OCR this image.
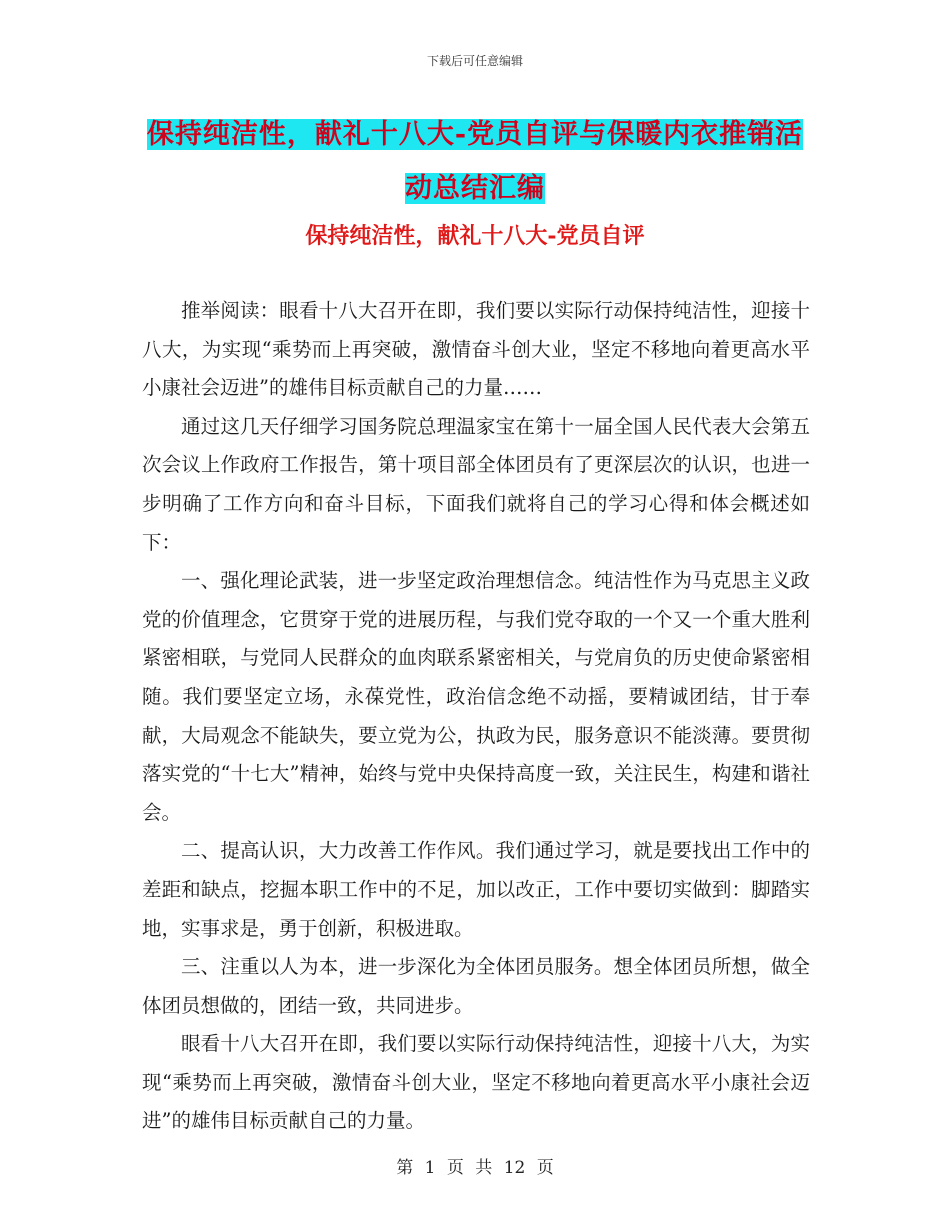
下载后可任意编辑
保持纯洁性，献礼十八大-党员自评与保暖内衣推销活
动总结汇编
保持纯洁性，献礼十八大-党员自评

推举阅读：眼看十八大召开在即，我们要以实际行动保持纯洁性，迎接十八大，为实现“乘势而上再突破，激情奋斗创大业，坚定不移地向着更高水平小康社会迈进”的雄伟目标贡献自己的力量……

通过这几天仔细学习国务院总理温家宝在第十一届全国人民代表大会第五次会议上作政府工作报告，第十项目部全体团员有了更深层次的认识，也进一步明确了工作方向和奋斗目标，下面我们就将自己的学习心得和体会概述如下：

一、强化理论武装，进一步坚定政治理想信念。纯洁性作为马克思主义政党的价值理念，它贯穿于党的进展历程，与我们党夺取的一个又一个重大胜利紧密相联，与党同人民群众的血肉联系紧密相关，与党肩负的历史使命紧密相随。我们要坚定立场，永葆党性，政治信念绝不动摇，要精诚团结，甘于奉献，大局观念不能缺失，要立党为公，执政为民，服务意识不能淡薄。要贯彻落实党的“十七大”精神，始终与党中央保持高度一致，关注民生，构建和谐社会。

二、提高认识，大力改善工作作风。我们通过学习，就是要找出工作中的差距和缺点，挖掘本职工作中的不足，加以改正，工作中要切实做到：脚踏实地，实事求是，勇于创新，积极进取。

三、注重以人为本，进一步深化为全体团员服务。想全体团员所想，做全体团员想做的，团结一致，共同进步。

眼看十八大召开在即，我们要以实际行动保持纯洁性，迎接十八大，为实现“乘势而上再突破，激情奋斗创大业，坚定不移地向着更高水平小康社会迈进”的雄伟目标贡献自己的力量。

第 1 页 共 12 页
